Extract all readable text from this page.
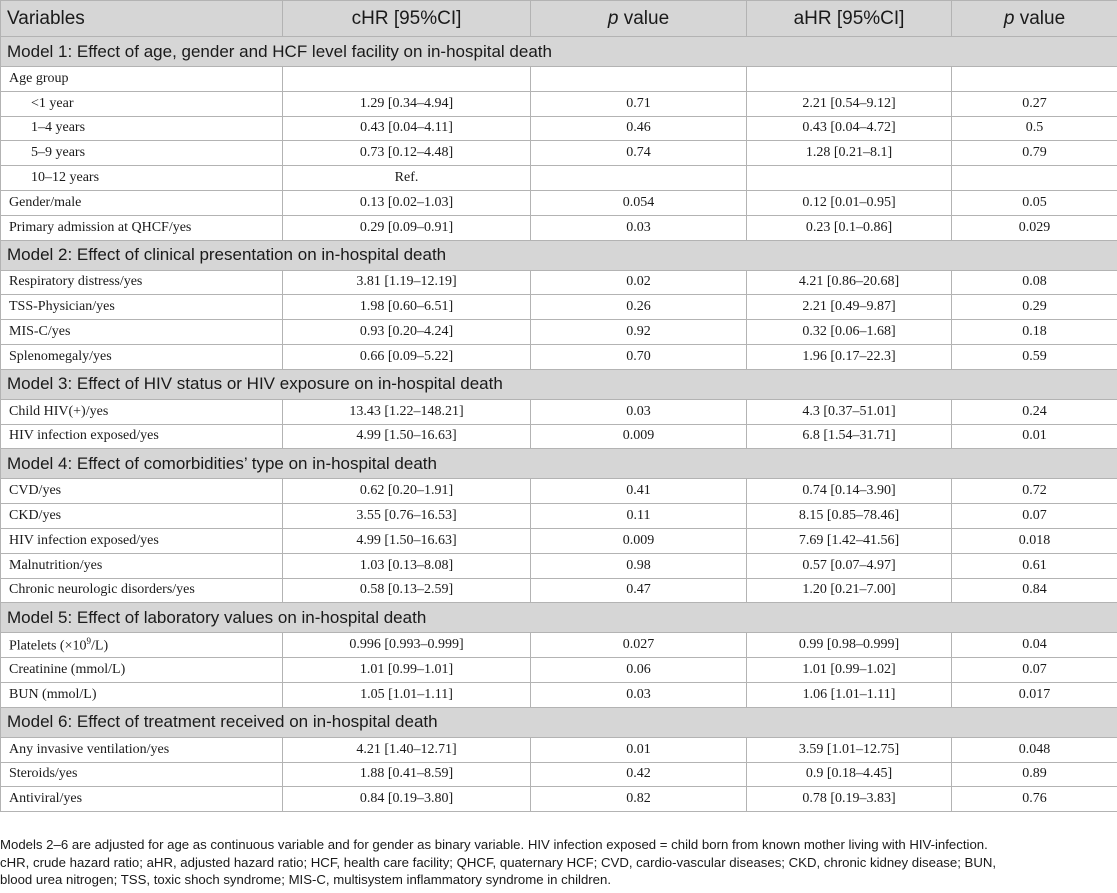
Variables	cHR [95%CI]	p value	aHR [95%CI]	p value
Model 1: Effect of age, gender and HCF level facility on in-hospital death				
Age group				
<1 year	1.29 [0.34–4.94]	0.71	2.21 [0.54–9.12]	0.27
1–4 years	0.43 [0.04–4.11]	0.46	0.43 [0.04–4.72]	0.5
5–9 years	0.73 [0.12–4.48]	0.74	1.28 [0.21–8.1]	0.79
10–12 years	Ref.			
Gender/male	0.13 [0.02–1.03]	0.054	0.12 [0.01–0.95]	0.05
Primary admission at QHCF/yes	0.29 [0.09–0.91]	0.03	0.23 [0.1–0.86]	0.029
Model 2: Effect of clinical presentation on in-hospital death				
Respiratory distress/yes	3.81 [1.19–12.19]	0.02	4.21 [0.86–20.68]	0.08
TSS-Physician/yes	1.98 [0.60–6.51]	0.26	2.21 [0.49–9.87]	0.29
MIS-C/yes	0.93 [0.20–4.24]	0.92	0.32 [0.06–1.68]	0.18
Splenomegaly/yes	0.66 [0.09–5.22]	0.70	1.96 [0.17–22.3]	0.59
Model 3: Effect of HIV status or HIV exposure on in-hospital death				
Child HIV(+)/yes	13.43 [1.22–148.21]	0.03	4.3 [0.37–51.01]	0.24
HIV infection exposed/yes	4.99 [1.50–16.63]	0.009	6.8 [1.54–31.71]	0.01
Model 4: Effect of comorbidities’ type on in-hospital death				
CVD/yes	0.62 [0.20–1.91]	0.41	0.74 [0.14–3.90]	0.72
CKD/yes	3.55 [0.76–16.53]	0.11	8.15 [0.85–78.46]	0.07
HIV infection exposed/yes	4.99 [1.50–16.63]	0.009	7.69 [1.42–41.56]	0.018
Malnutrition/yes	1.03 [0.13–8.08]	0.98	0.57 [0.07–4.97]	0.61
Chronic neurologic disorders/yes	0.58 [0.13–2.59]	0.47	1.20 [0.21–7.00]	0.84
Model 5: Effect of laboratory values on in-hospital death				
Platelets $(\times 10^9/L)$	0.996 [0.993–0.999]	0.027	0.99 [0.98–0.999]	0.04
Creatinine (mmol/L)	1.01 [0.99–1.01]	0.06	1.01 [0.99–1.02]	0.07
BUN (mmol/L)	1.05 [1.01–1.11]	0.03	1.06 [1.01–1.11]	0.017
Model 6: Effect of treatment received on in-hospital death				
Any invasive ventilation/yes	4.21 [1.40–12.71]	0.01	3.59 [1.01–12.75]	0.048
Steroids/yes	1.88 [0.41–8.59]	0.42	0.9 [0.18–4.45]	0.89
Antiviral/yes	0.84 [0.19–3.80]	0.82	0.78 [0.19–3.83]	0.76

Models 2–6 are adjusted for age as continuous variable and for gender as binary variable. HIV infection exposed = child born from known mother living with HIV-infection.

cHR, crude hazard ratio; aHR, adjusted hazard ratio; HCF, health care facility; QHCF, quaternary HCF; CVD, cardio-vascular diseases; CKD, chronic kidney disease; BUN,

blood urea nitrogen; TSS, toxic shoch syndrome; MIS-C, multisystem inflammatory syndrome in children.
